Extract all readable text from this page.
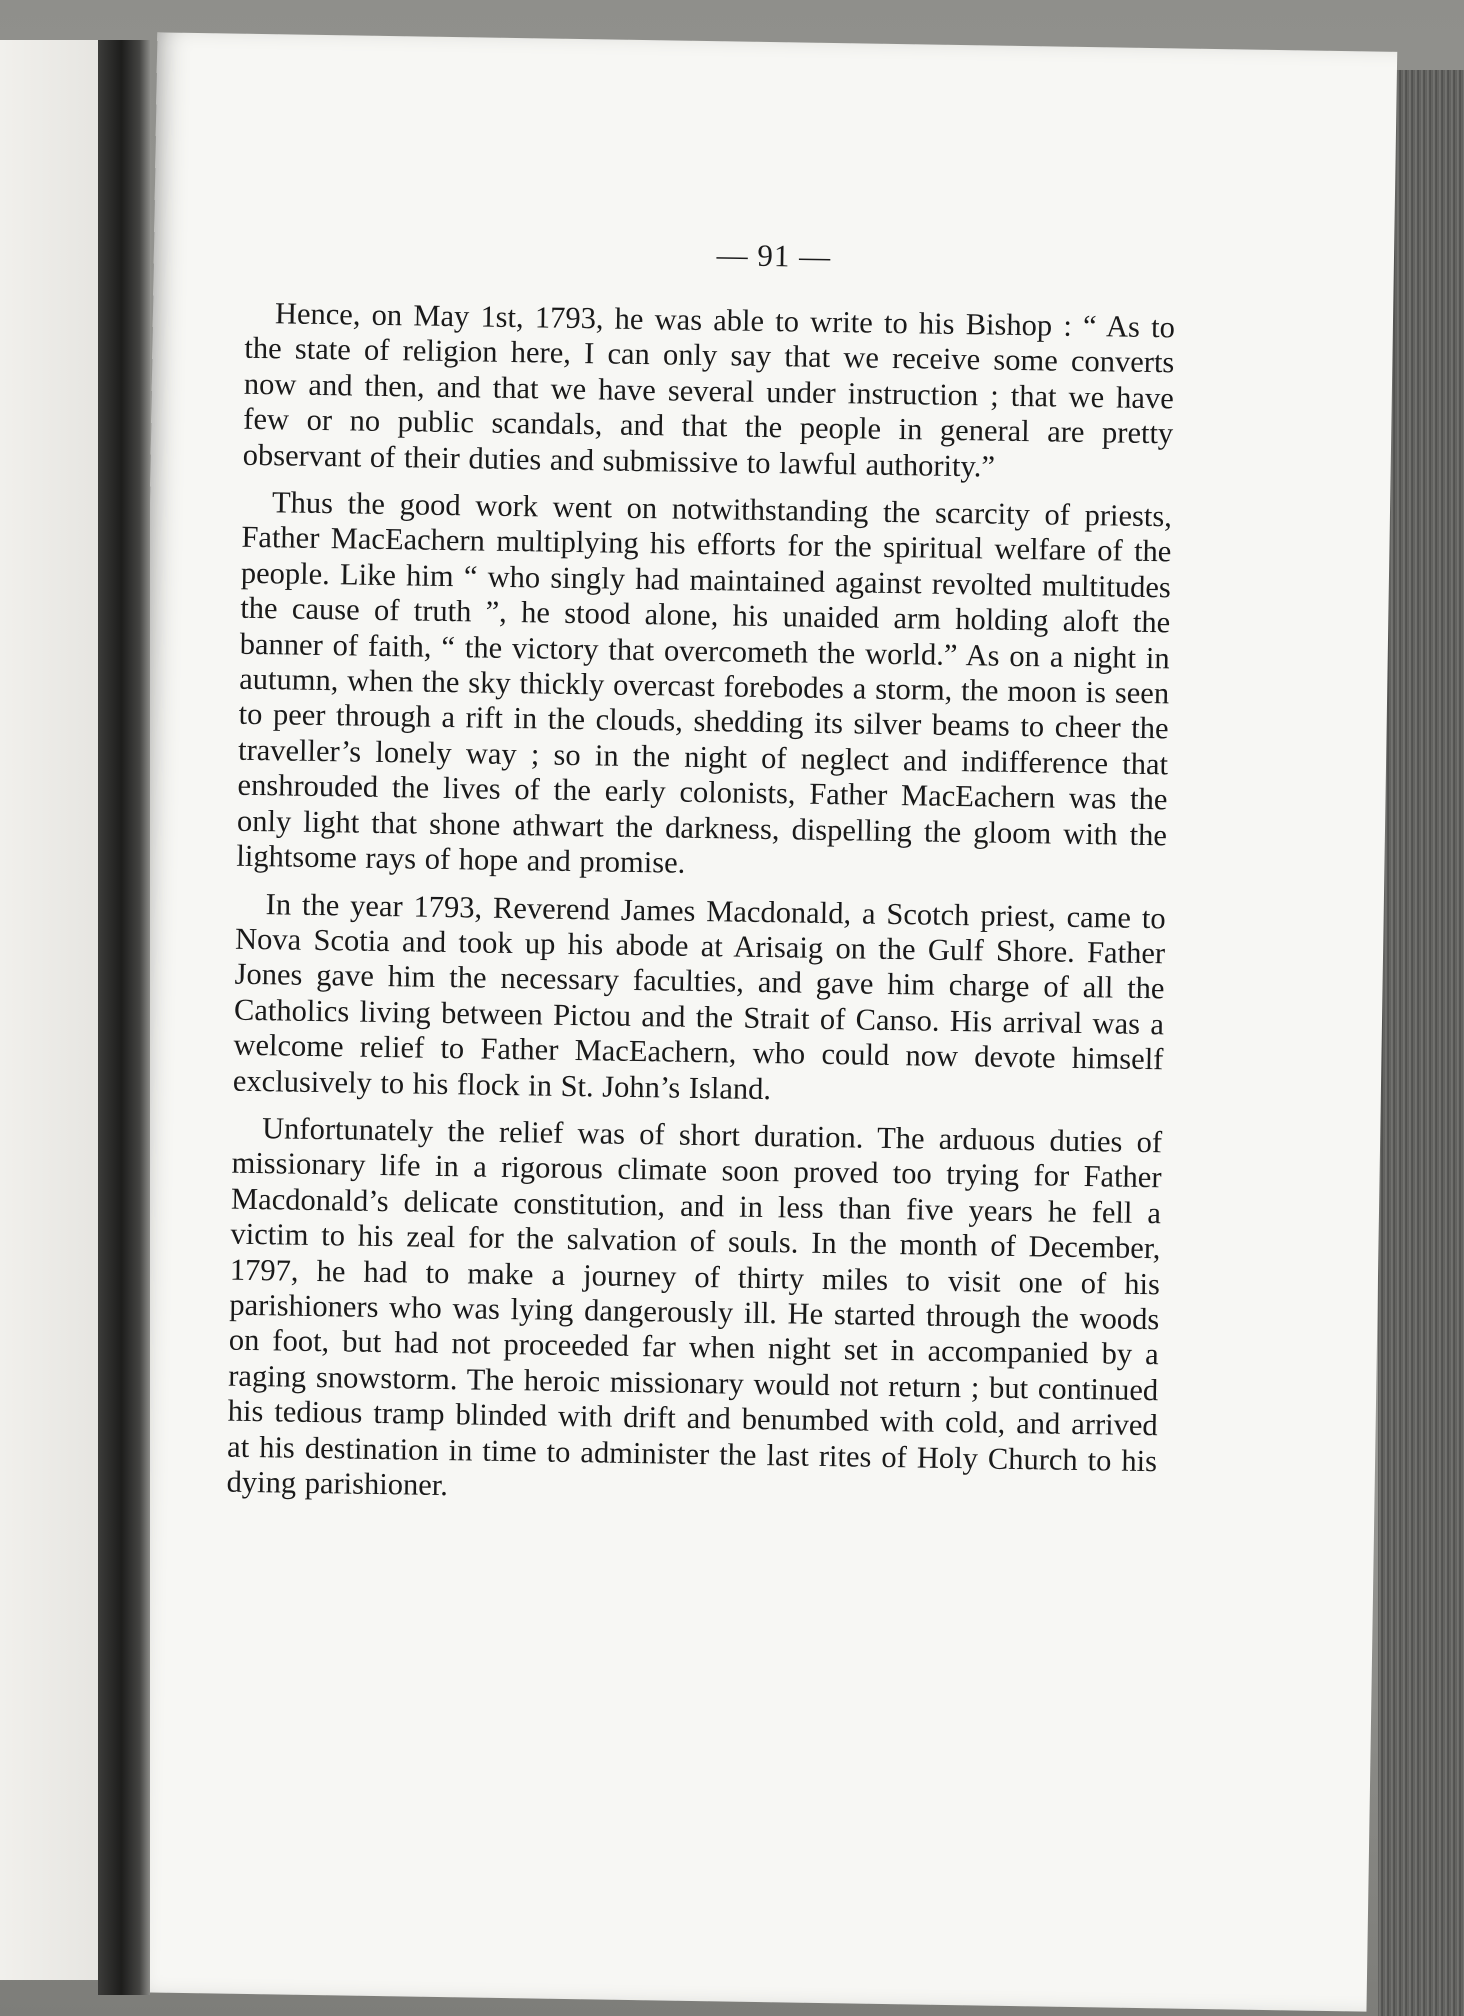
— 91 —

Hence, on May 1st, 1793, he was able to write to his Bishop : “ As to the state of religion here, I can only say that we receive some converts now and then, and that we have several under instruction ; that we have few or no public scandals, and that the people in general are pretty observant of their duties and submissive to lawful authority.”

Thus the good work went on notwithstanding the scarcity of priests, Father MacEachern multiplying his efforts for the spiritual welfare of the people. Like him “ who singly had maintained against revolted multitudes the cause of truth ”, he stood alone, his unaided arm holding aloft the banner of faith, “ the victory that overcometh the world.” As on a night in autumn, when the sky thickly overcast forebodes a storm, the moon is seen to peer through a rift in the clouds, shedding its silver beams to cheer the traveller’s lonely way ; so in the night of neglect and indifference that enshrouded the lives of the early colonists, Father MacEachern was the only light that shone athwart the darkness, dispelling the gloom with the lightsome rays of hope and promise.

In the year 1793, Reverend James Macdonald, a Scotch priest, came to Nova Scotia and took up his abode at Arisaig on the Gulf Shore. Father Jones gave him the necessary faculties, and gave him charge of all the Catholics living between Pictou and the Strait of Canso. His arrival was a welcome relief to Father MacEachern, who could now devote himself exclusively to his flock in St. John’s Island.

Unfortunately the relief was of short duration. The arduous duties of missionary life in a rigorous climate soon proved too trying for Father Macdonald’s delicate constitution, and in less than five years he fell a victim to his zeal for the salvation of souls. In the month of December, 1797, he had to make a journey of thirty miles to visit one of his parishioners who was lying dangerously ill. He started through the woods on foot, but had not proceeded far when night set in accompanied by a raging snowstorm. The heroic missionary would not return ; but continued his tedious tramp blinded with drift and benumbed with cold, and arrived at his destination in time to administer the last rites of Holy Church to his dying parishioner.
